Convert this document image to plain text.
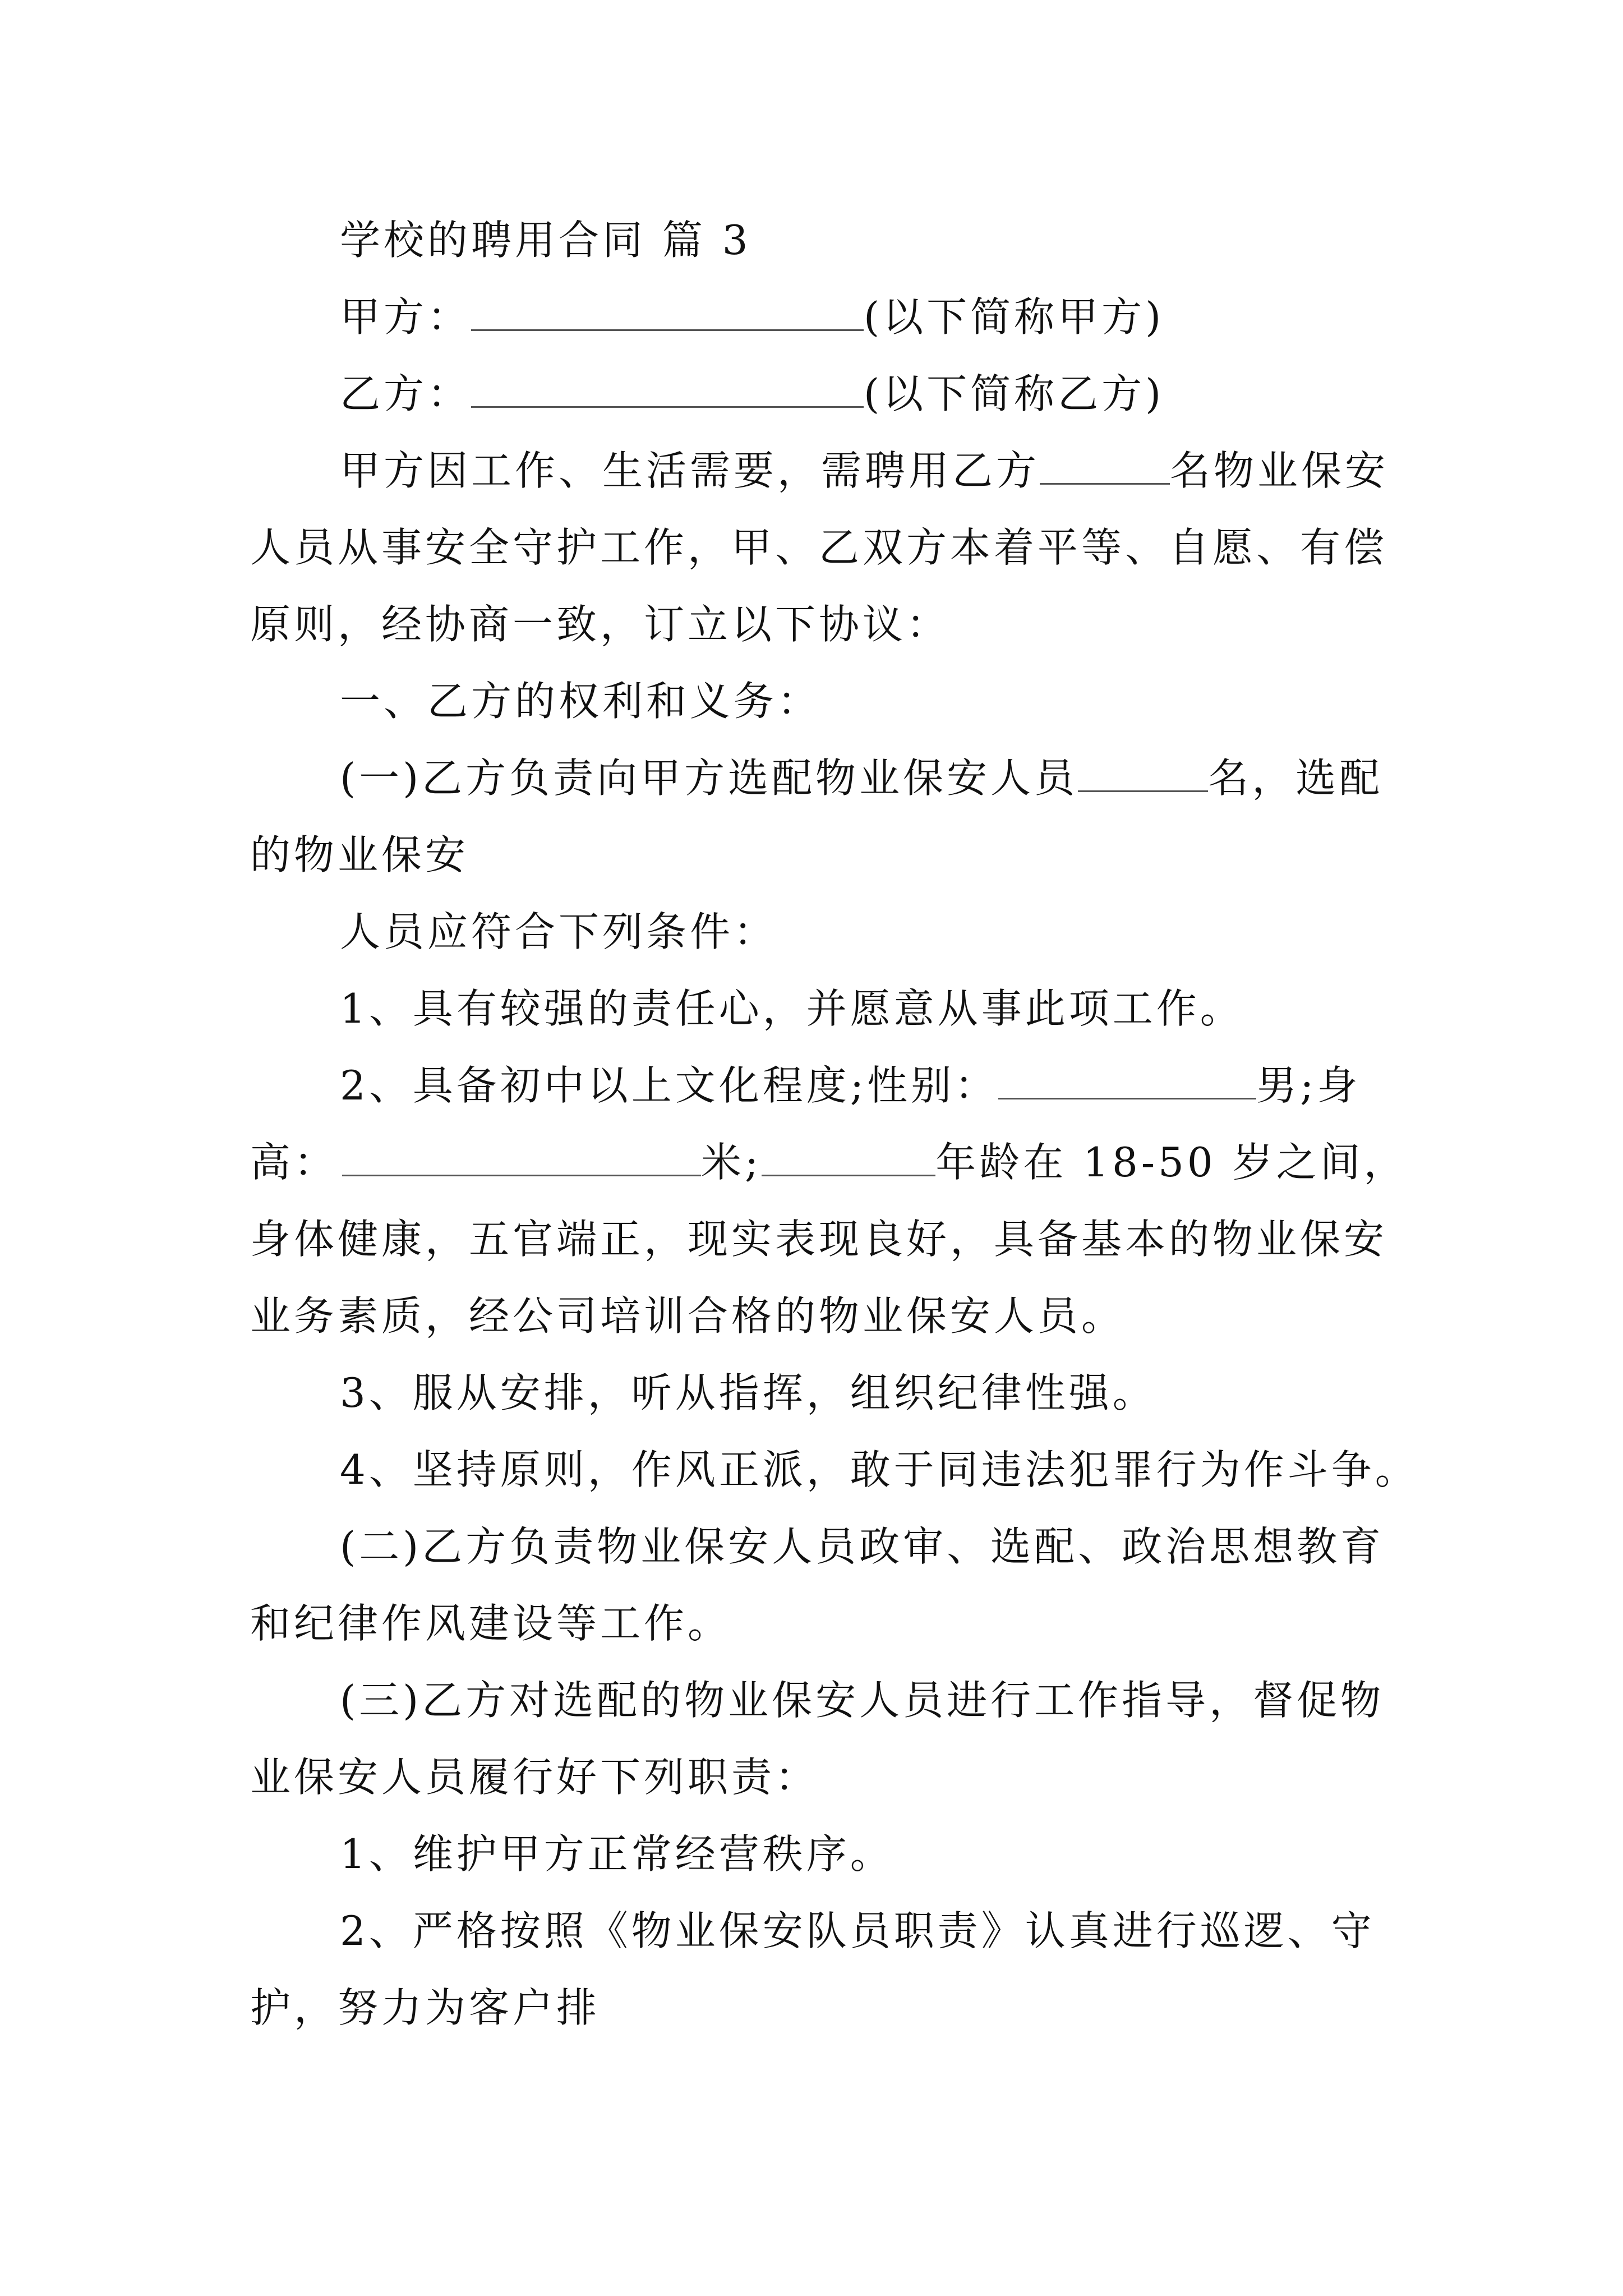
学校的聘用合同 篇 3
甲方：	(以下简称甲方)
乙方：	(以下简称乙方)
甲方因工作、生活需要，需聘用乙方	名物业保安
人员从事安全守护工作，甲、乙双方本着平等、自愿、有偿
原则，经协商一致，订立以下协议：
一、乙方的权利和义务：
(一)乙方负责向甲方选配物业保安人员	名，选配
的物业保安
人员应符合下列条件：
1、具有较强的责任心，并愿意从事此项工作。
2、具备初中以上文化程度;性别：	男;身
高：	米;	年龄在 18-50 岁之间，
身体健康，五官端正，现实表现良好，具备基本的物业保安
业务素质，经公司培训合格的物业保安人员。
3、服从安排，听从指挥，组织纪律性强。
4、坚持原则，作风正派，敢于同违法犯罪行为作斗争。
(二)乙方负责物业保安人员政审、选配、政治思想教育
和纪律作风建设等工作。
(三)乙方对选配的物业保安人员进行工作指导，督促物
业保安人员履行好下列职责：
1、维护甲方正常经营秩序。
2、严格按照《物业保安队员职责》认真进行巡逻、守
护，努力为客户排
